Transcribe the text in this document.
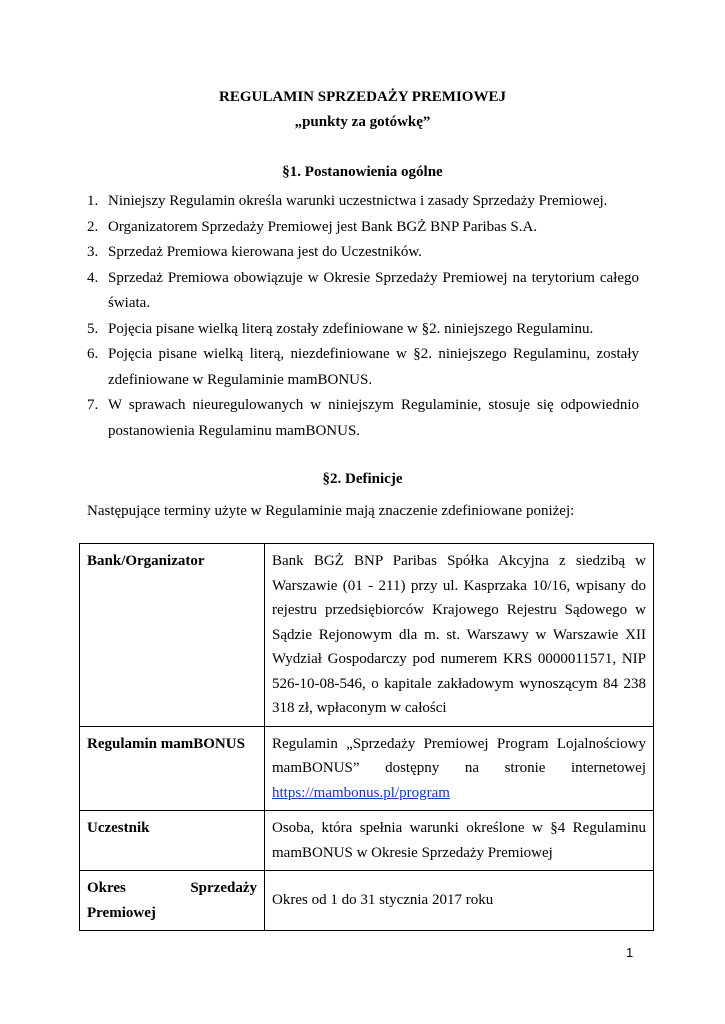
REGULAMIN SPRZEDAŻY PREMIOWEJ
„punkty za gotówkę”
§1. Postanowienia ogólne
1. Niniejszy Regulamin określa warunki uczestnictwa i zasady Sprzedaży Premiowej.
2. Organizatorem Sprzedaży Premiowej jest Bank BGŻ BNP Paribas S.A.
3. Sprzedaż Premiowa kierowana jest do Uczestników.
4. Sprzedaż Premiowa obowiązuje w Okresie Sprzedaży Premiowej na terytorium całego świata.
5. Pojęcia pisane wielką literą zostały zdefiniowane w §2. niniejszego Regulaminu.
6. Pojęcia pisane wielką literą, niezdefiniowane w §2. niniejszego Regulaminu, zostały zdefiniowane w Regulaminie mamBONUS.
7. W sprawach nieuregulowanych w niniejszym Regulaminie, stosuje się odpowiednio postanowienia Regulaminu mamBONUS.
§2. Definicje
Następujące terminy użyte w Regulaminie mają znaczenie zdefiniowane poniżej:
Bank/Organizator	Bank BGŻ BNP Paribas Spółka Akcyjna z siedzibą w Warszawie (01 - 211) przy ul. Kasprzaka 10/16, wpisany do rejestru przedsiębiorców Krajowego Rejestru Sądowego w Sądzie Rejonowym dla m. st. Warszawy w Warszawie XII Wydział Gospodarczy pod numerem KRS 0000011571, NIP 526-10-08-546, o kapitale zakładowym wynoszącym 84 238 318 zł, wpłaconym w całości
Regulamin mamBONUS	Regulamin „Sprzedaży Premiowej Program Lojalnościowy mamBONUS” dostępny na stronie internetowej https://mambonus.pl/program
Uczestnik	Osoba, która spełnia warunki określone w §4 Regulaminu mamBONUS w Okresie Sprzedaży Premiowej

Okres Sprzedaży
Premiowej	Okres od 1 do 31 stycznia 2017 roku
1
